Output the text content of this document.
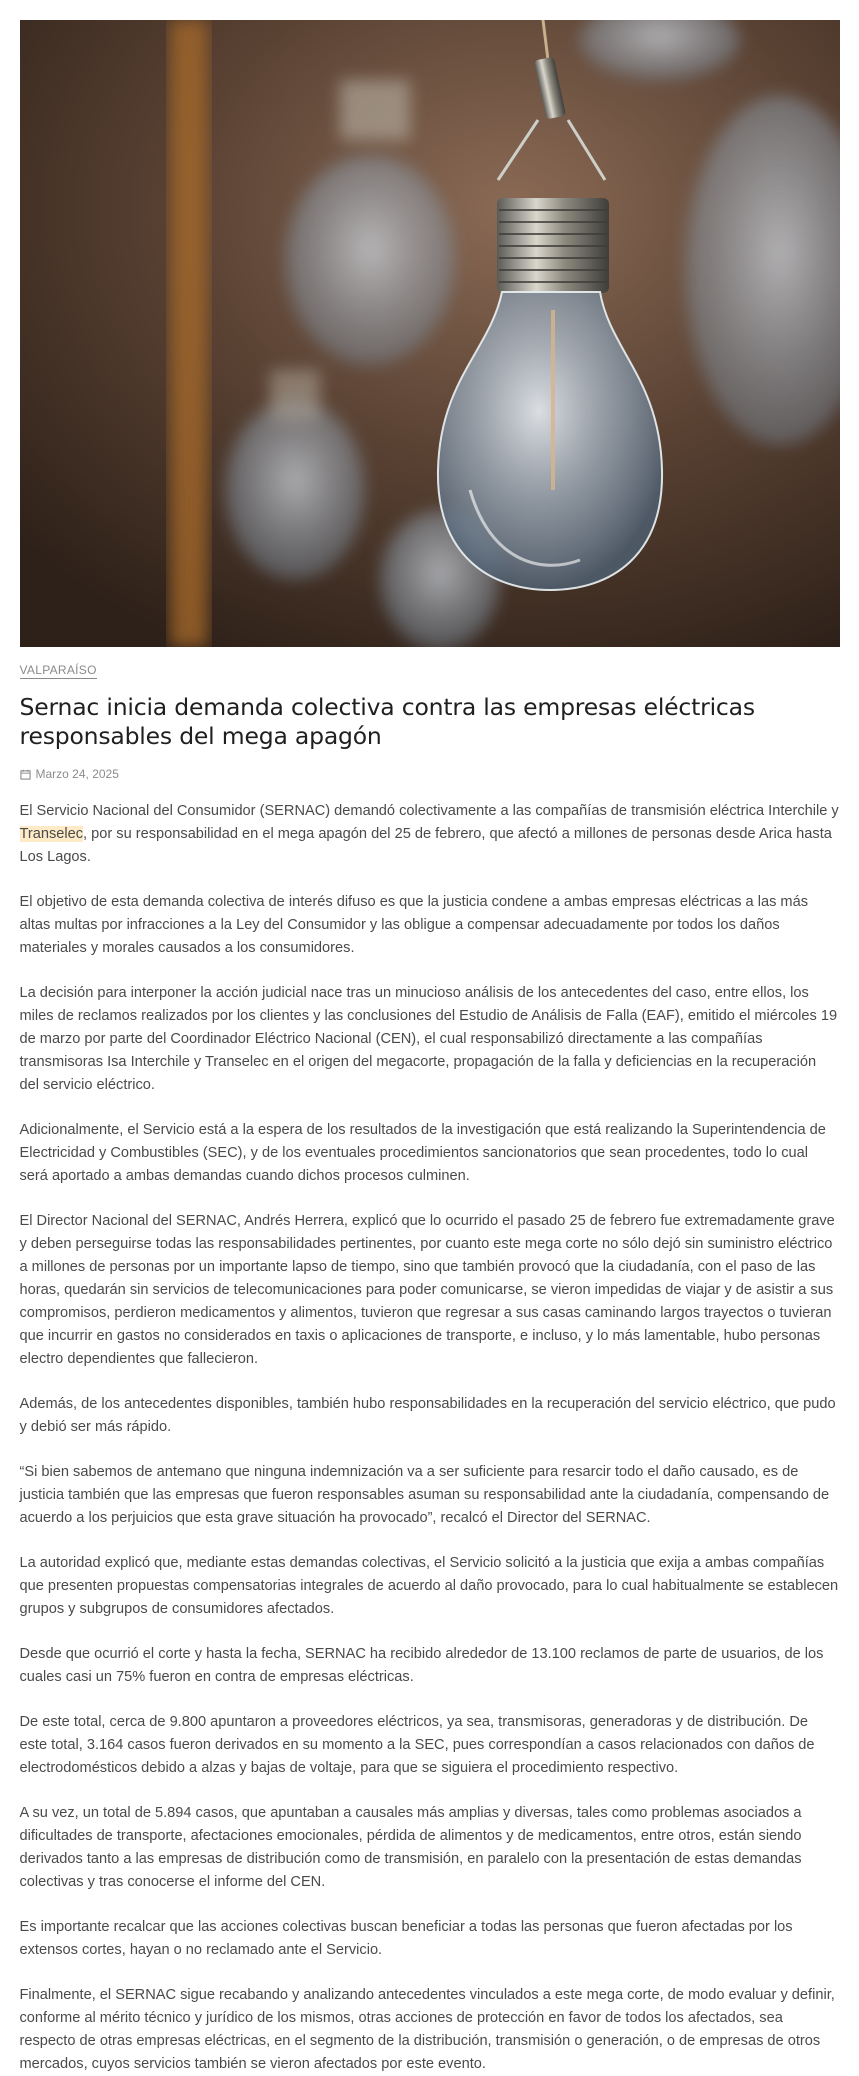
VALPARAÍSO
Sernac inicia demanda colectiva contra las empresas eléctricas responsables del mega apagón
Marzo 24, 2025

El Servicio Nacional del Consumidor (SERNAC) demandó colectivamente a las compañías de transmisión eléctrica Interchile y Transelec, por su responsabilidad en el mega apagón del 25 de febrero, que afectó a millones de personas desde Arica hasta Los Lagos.

El objetivo de esta demanda colectiva de interés difuso es que la justicia condene a ambas empresas eléctricas a las más altas multas por infracciones a la Ley del Consumidor y las obligue a compensar adecuadamente por todos los daños materiales y morales causados a los consumidores.

La decisión para interponer la acción judicial nace tras un minucioso análisis de los antecedentes del caso, entre ellos, los miles de reclamos realizados por los clientes y las conclusiones del Estudio de Análisis de Falla (EAF), emitido el miércoles 19 de marzo por parte del Coordinador Eléctrico Nacional (CEN), el cual responsabilizó directamente a las compañías transmisoras Isa Interchile y Transelec en el origen del megacorte, propagación de la falla y deficiencias en la recuperación del servicio eléctrico.

Adicionalmente, el Servicio está a la espera de los resultados de la investigación que está realizando la Superintendencia de Electricidad y Combustibles (SEC), y de los eventuales procedimientos sancionatorios que sean procedentes, todo lo cual será aportado a ambas demandas cuando dichos procesos culminen.

El Director Nacional del SERNAC, Andrés Herrera, explicó que lo ocurrido el pasado 25 de febrero fue extremadamente grave y deben perseguirse todas las responsabilidades pertinentes, por cuanto este mega corte no sólo dejó sin suministro eléctrico a millones de personas por un importante lapso de tiempo, sino que también provocó que la ciudadanía, con el paso de las horas, quedarán sin servicios de telecomunicaciones para poder comunicarse, se vieron impedidas de viajar y de asistir a sus compromisos, perdieron medicamentos y alimentos, tuvieron que regresar a sus casas caminando largos trayectos o tuvieran que incurrir en gastos no considerados en taxis o aplicaciones de transporte, e incluso, y lo más lamentable, hubo personas electro dependientes que fallecieron.

Además, de los antecedentes disponibles, también hubo responsabilidades en la recuperación del servicio eléctrico, que pudo y debió ser más rápido.

“Si bien sabemos de antemano que ninguna indemnización va a ser suficiente para resarcir todo el daño causado, es de justicia también que las empresas que fueron responsables asuman su responsabilidad ante la ciudadanía, compensando de acuerdo a los perjuicios que esta grave situación ha provocado”, recalcó el Director del SERNAC.

La autoridad explicó que, mediante estas demandas colectivas, el Servicio solicitó a la justicia que exija a ambas compañías que presenten propuestas compensatorias integrales de acuerdo al daño provocado, para lo cual habitualmente se establecen grupos y subgrupos de consumidores afectados.

Desde que ocurrió el corte y hasta la fecha, SERNAC ha recibido alrededor de 13.100 reclamos de parte de usuarios, de los cuales casi un 75% fueron en contra de empresas eléctricas.

De este total, cerca de 9.800 apuntaron a proveedores eléctricos, ya sea, transmisoras, generadoras y de distribución. De este total, 3.164 casos fueron derivados en su momento a la SEC, pues correspondían a casos relacionados con daños de electrodomésticos debido a alzas y bajas de voltaje, para que se siguiera el procedimiento respectivo.

A su vez, un total de 5.894 casos, que apuntaban a causales más amplias y diversas, tales como problemas asociados a dificultades de transporte, afectaciones emocionales, pérdida de alimentos y de medicamentos, entre otros, están siendo derivados tanto a las empresas de distribución como de transmisión, en paralelo con la presentación de estas demandas colectivas y tras conocerse el informe del CEN.

Es importante recalcar que las acciones colectivas buscan beneficiar a todas las personas que fueron afectadas por los extensos cortes, hayan o no reclamado ante el Servicio.

Finalmente, el SERNAC sigue recabando y analizando antecedentes vinculados a este mega corte, de modo evaluar y definir, conforme al mérito técnico y jurídico de los mismos, otras acciones de protección en favor de todos los afectados, sea respecto de otras empresas eléctricas, en el segmento de la distribución, transmisión o generación, o de empresas de otros mercados, cuyos servicios también se vieron afectados por este evento.
